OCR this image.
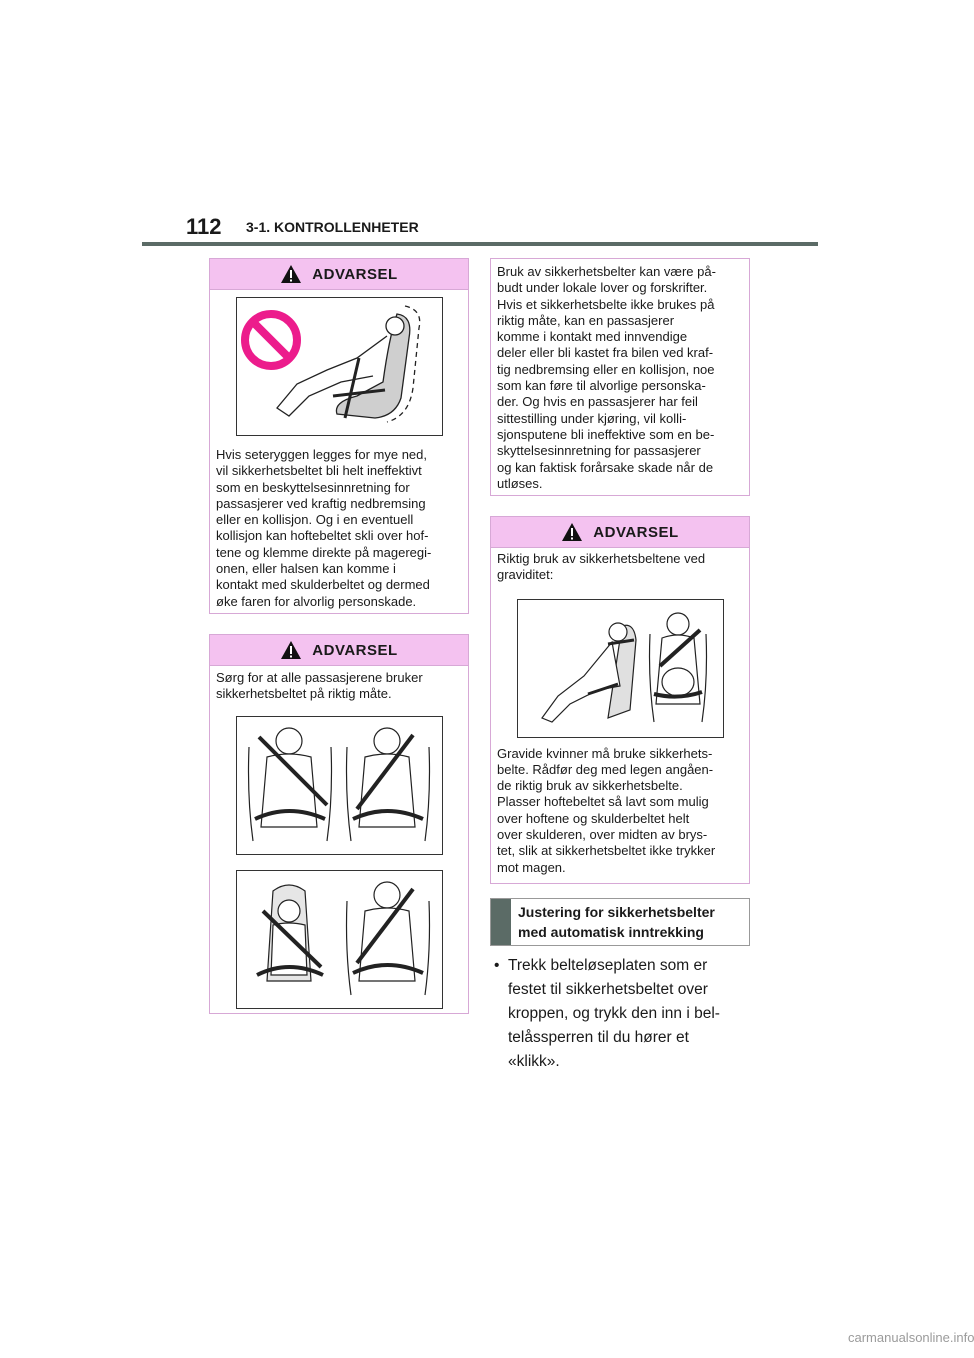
112 3-1. KONTROLLENHETER
ADVARSEL

Hvis seteryggen legges for mye ned,
vil sikkerhetsbeltet bli helt ineffektivt
som en beskyttelsesinnretning for
passasjerer ved kraftig nedbremsing
eller en kollisjon. Og i en eventuell
kollisjon kan hoftebeltet skli over hof-
tene og klemme direkte på mageregi-
onen, eller halsen kan komme i
kontakt med skulderbeltet og dermed
øke faren for alvorlig personskade.

ADVARSEL

Sørg for at alle passasjerene bruker
sikkerhetsbeltet på riktig måte.

Bruk av sikkerhetsbelter kan være på-
budt under lokale lover og forskrifter.
Hvis et sikkerhetsbelte ikke brukes på
riktig måte, kan en passasjerer
komme i kontakt med innvendige
deler eller bli kastet fra bilen ved kraf-
tig nedbremsing eller en kollisjon, noe
som kan føre til alvorlige personska-
der. Og hvis en passasjerer har feil
sittestilling under kjøring, vil kolli-
sjonsputene bli ineffektive som en be-
skyttelsesinnretning for passasjerer
og kan faktisk forårsake skade når de
utløses.

ADVARSEL

Riktig bruk av sikkerhetsbeltene ved
graviditet:

Gravide kvinner må bruke sikkerhets-
belte. Rådfør deg med legen angåen-
de riktig bruk av sikkerhetsbelte.
Plasser hoftebeltet så lavt som mulig
over hoftene og skulderbeltet helt
over skulderen, over midten av brys-
tet, slik at sikkerhetsbeltet ikke trykker
mot magen.

Justering for sikkerhetsbelter
med automatisk inntrekking
• Trekk belteløseplaten som er
festet til sikkerhetsbeltet over
kroppen, og trykk den inn i bel-
telåssperren til du hører et
«klikk».
carmanualsonline.info
